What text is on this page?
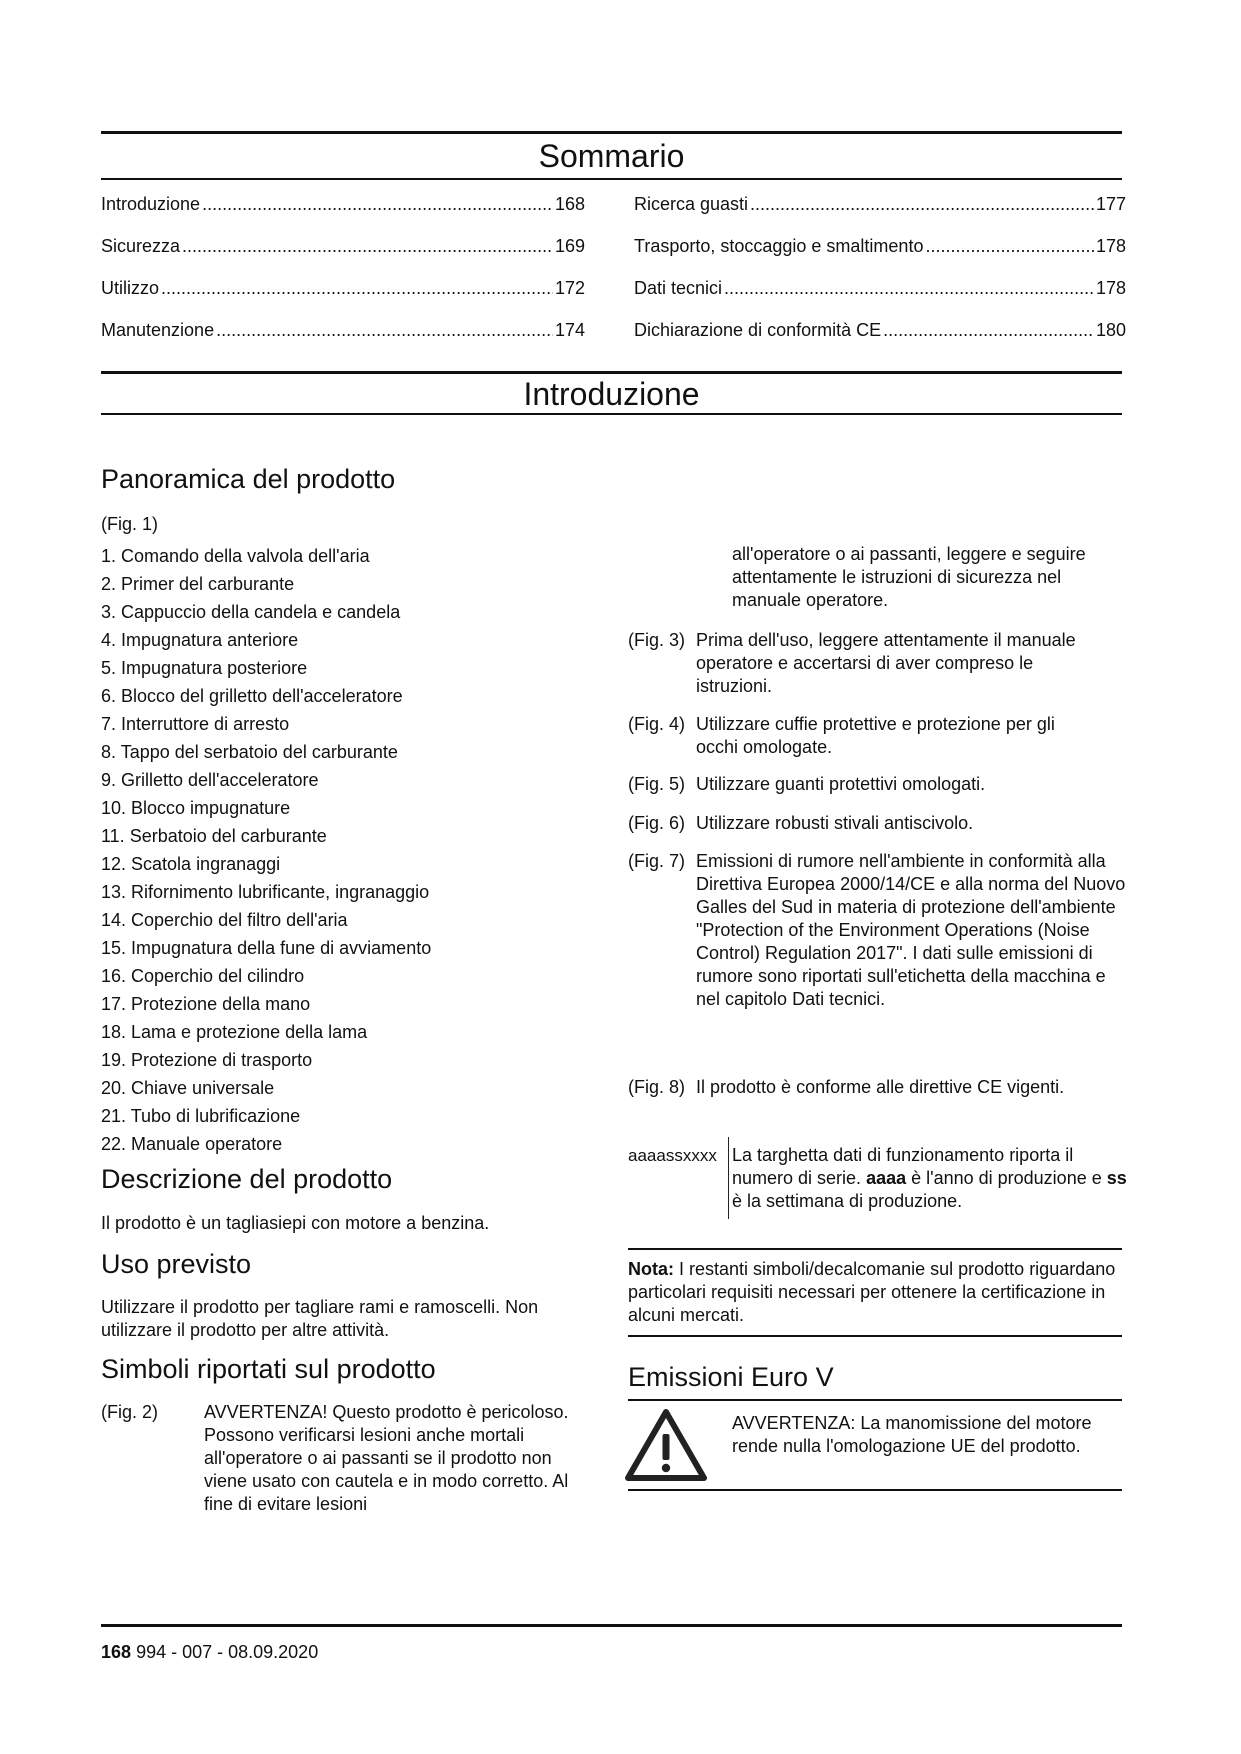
Sommario
Introduzione .....	168
Sicurezza .....	169
Utilizzo .....	172
Manutenzione .....	174
Ricerca guasti .....	177
Trasporto, stoccaggio e smaltimento .....	178
Dati tecnici .....	178
Dichiarazione di conformità CE .....	180
Introduzione
Panoramica del prodotto
(Fig. 1)
1. Comando della valvola dell'aria
2. Primer del carburante
3. Cappuccio della candela e candela
4. Impugnatura anteriore
5. Impugnatura posteriore
6. Blocco del grilletto dell'acceleratore
7. Interruttore di arresto
8. Tappo del serbatoio del carburante
9. Grilletto dell'acceleratore
10. Blocco impugnature
11. Serbatoio del carburante
12. Scatola ingranaggi
13. Rifornimento lubrificante, ingranaggio
14. Coperchio del filtro dell'aria
15. Impugnatura della fune di avviamento
16. Coperchio del cilindro
17. Protezione della mano
18. Lama e protezione della lama
19. Protezione di trasporto
20. Chiave universale
21. Tubo di lubrificazione
22. Manuale operatore
Descrizione del prodotto
Il prodotto è un tagliasiepi con motore a benzina.
Uso previsto
Utilizzare il prodotto per tagliare rami e ramoscelli. Non utilizzare il prodotto per altre attività.
Simboli riportati sul prodotto
(Fig. 2)	AVVERTENZA! Questo prodotto è pericoloso. Possono verificarsi lesioni anche mortali all'operatore o ai passanti se il prodotto non viene usato con cautela e in modo corretto. Al fine di evitare lesioni
all'operatore o ai passanti, leggere e seguire attentamente le istruzioni di sicurezza nel manuale operatore.
(Fig. 3) Prima dell'uso, leggere attentamente il manuale operatore e accertarsi di aver compreso le istruzioni.
(Fig. 4) Utilizzare cuffie protettive e protezione per gli occhi omologate.
(Fig. 5) Utilizzare guanti protettivi omologati.
(Fig. 6) Utilizzare robusti stivali antiscivolo.
(Fig. 7) Emissioni di rumore nell'ambiente in conformità alla Direttiva Europea 2000/14/CE e alla norma del Nuovo Galles del Sud in materia di protezione dell'ambiente "Protection of the Environment Operations (Noise Control) Regulation 2017". I dati sulle emissioni di rumore sono riportati sull'etichetta della macchina e nel capitolo Dati tecnici.
(Fig. 8) Il prodotto è conforme alle direttive CE vigenti.
aaaassxxxx La targhetta dati di funzionamento riporta il numero di serie. aaaa è l'anno di produzione e ss è la settimana di produzione.
Nota: I restanti simboli/decalcomanie sul prodotto riguardano particolari requisiti necessari per ottenere la certificazione in alcuni mercati.
Emissioni Euro V
AVVERTENZA: La manomissione del motore rende nulla l'omologazione UE del prodotto.
168 994 - 007 - 08.09.2020
